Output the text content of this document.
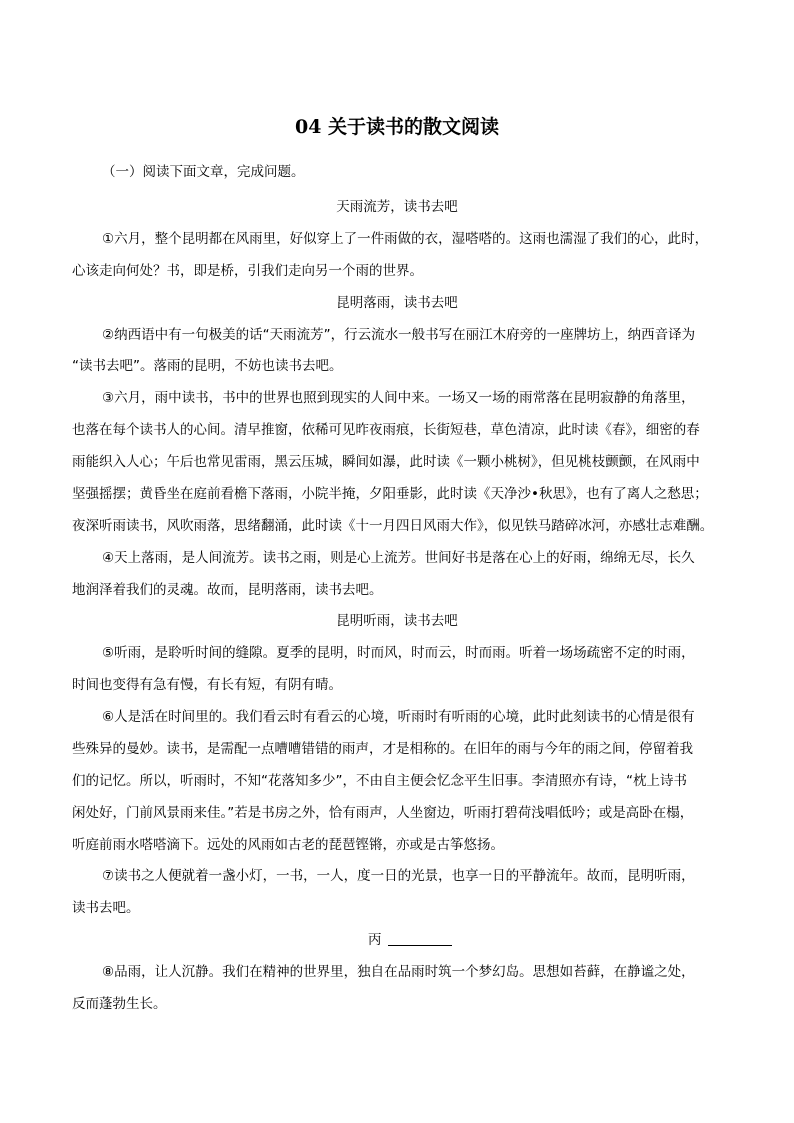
04 关于读书的散文阅读
（一）阅读下面文章，完成问题。
天雨流芳，读书去吧
①六月，整个昆明都在风雨里，好似穿上了一件雨做的衣，湿嗒嗒的。这雨也濡湿了我们的心，此时，
心该走向何处？书，即是桥，引我们走向另一个雨的世界。
昆明落雨，读书去吧
②纳西语中有一句极美的话“天雨流芳”，行云流水一般书写在丽江木府旁的一座牌坊上，纳西音译为
“读书去吧”。落雨的昆明，不妨也读书去吧。
③六月，雨中读书，书中的世界也照到现实的人间中来。一场又一场的雨常落在昆明寂静的角落里，
也落在每个读书人的心间。清早推窗，依稀可见昨夜雨痕，长街短巷，草色清凉，此时读《春》，细密的春
雨能织入人心；午后也常见雷雨，黑云压城，瞬间如瀑，此时读《一颗小桃树》，但见桃枝颤颤，在风雨中
坚强摇摆；黄昏坐在庭前看檐下落雨，小院半掩，夕阳垂影，此时读《天净沙•秋思》，也有了离人之愁思；
夜深听雨读书，风吹雨落，思绪翻涌，此时读《十一月四日风雨大作》，似见铁马踏碎冰河，亦感壮志难酬。
④天上落雨，是人间流芳。读书之雨，则是心上流芳。世间好书是落在心上的好雨，绵绵无尽，长久
地润泽着我们的灵魂。故而，昆明落雨，读书去吧。
昆明听雨，读书去吧
⑤听雨，是聆听时间的缝隙。夏季的昆明，时而风，时而云，时而雨。听着一场场疏密不定的时雨，
时间也变得有急有慢，有长有短，有阴有晴。
⑥人是活在时间里的。我们看云时有看云的心境，听雨时有听雨的心境，此时此刻读书的心情是很有
些殊异的曼妙。读书，是需配一点嘈嘈错错的雨声，才是相称的。在旧年的雨与今年的雨之间，停留着我
们的记忆。所以，听雨时，不知“花落知多少”，不由自主便会忆念平生旧事。李清照亦有诗，“枕上诗书
闲处好，门前风景雨来佳。”若是书房之外，恰有雨声，人坐窗边，听雨打碧荷浅唱低吟；或是高卧在榻，
听庭前雨水嗒嗒滴下。远处的风雨如古老的琵琶铿锵，亦或是古筝悠扬。
⑦读书之人便就着一盏小灯，一书，一人，度一日的光景，也享一日的平静流年。故而，昆明听雨，
读书去吧。
丙
⑧品雨，让人沉静。我们在精神的世界里，独自在品雨时筑一个梦幻岛。思想如苔藓，在静谧之处，
反而蓬勃生长。
